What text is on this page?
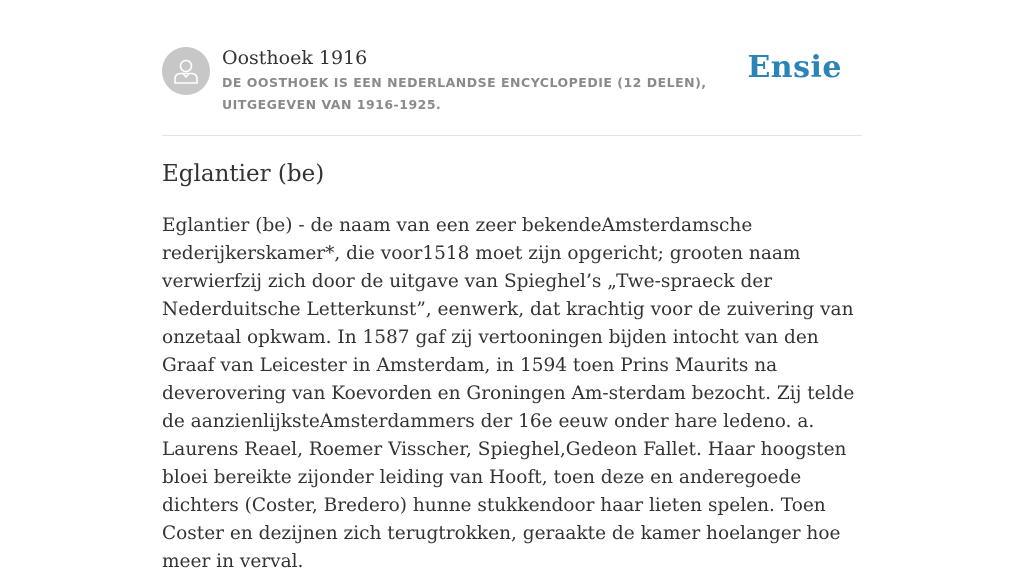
Oosthoek 1916

DE OOSTHOEK IS EEN NEDERLANDSE ENCYCLOPEDIE (12 DELEN), UITGEGEVEN VAN 1916-1925.

Ensie
Eglantier (be)

Eglantier (be) - de naam van een zeer bekendeAmsterdamsche rederijkerskamer*, die voor1518 moet zijn opgericht; grooten naam verwierfzij zich door de uitgave van Spieghel’s „Twe-spraeck der Nederduitsche Letterkunst”, eenwerk, dat krachtig voor de zuivering van onzetaal opkwam. In 1587 gaf zij vertooningen bijden intocht van den Graaf van Leicester in Amsterdam, in 1594 toen Prins Maurits na deverovering van Koevorden en Groningen Am-sterdam bezocht. Zij telde de aanzienlijksteAmsterdammers der 16e eeuw onder hare ledeno. a. Laurens Reael, Roemer Visscher, Spieghel,Gedeon Fallet. Haar hoogsten bloei bereikte zijonder leiding van Hooft, toen deze en anderegoede dichters (Coster, Bredero) hunne stukkendoor haar lieten spelen. Toen Coster en dezijnen zich terugtrokken, geraakte de kamer hoelanger hoe meer in verval.
